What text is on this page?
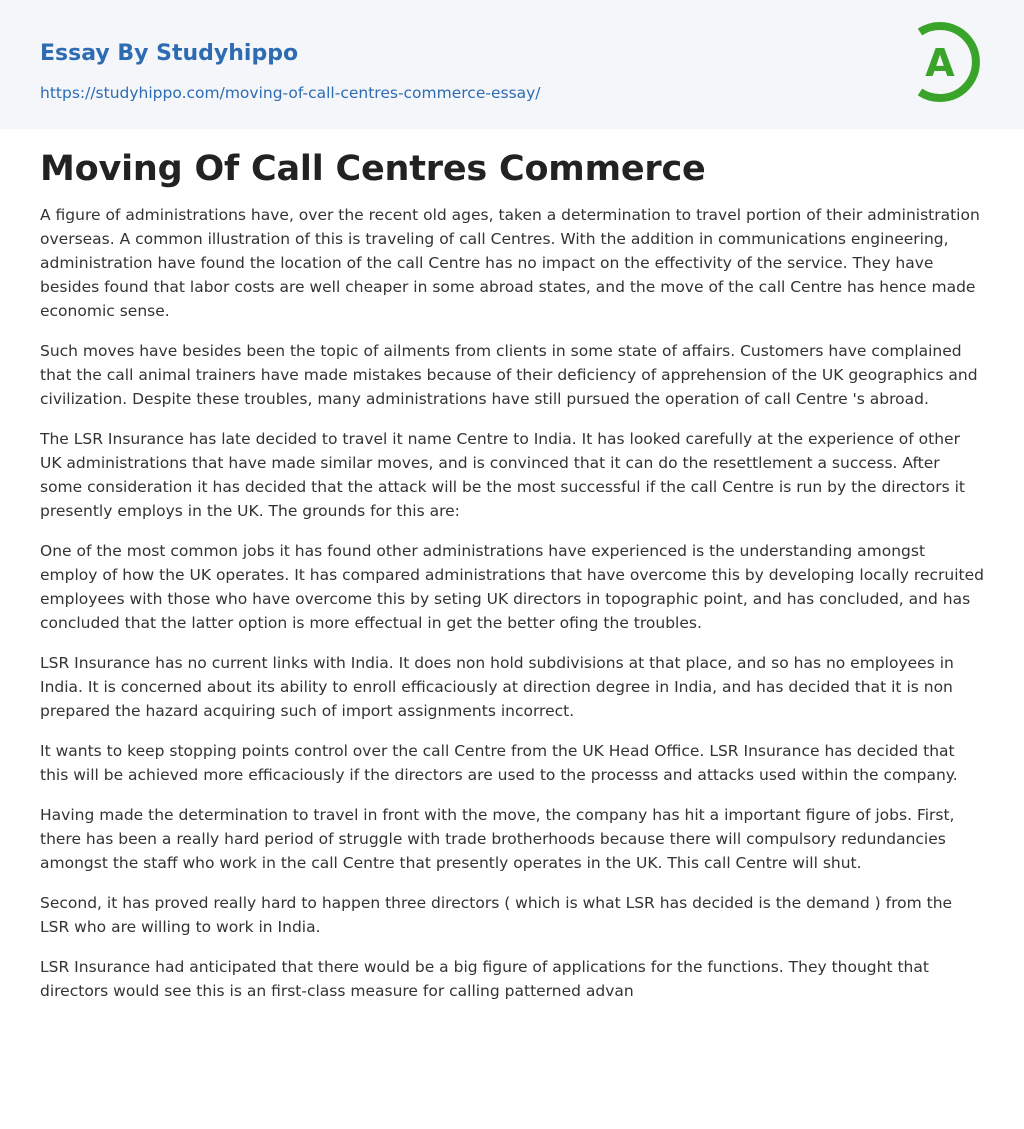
Essay By Studyhippo
https://studyhippo.com/moving-of-call-centres-commerce-essay/
A
Moving Of Call Centres Commerce

A figure of administrations have, over the recent old ages, taken a determination to travel portion of their administration overseas. A common illustration of this is traveling of call Centres. With the addition in communications engineering, administration have found the location of the call Centre has no impact on the effectivity of the service. They have besides found that labor costs are well cheaper in some abroad states, and the move of the call Centre has hence made economic sense.

Such moves have besides been the topic of ailments from clients in some state of affairs. Customers have complained that the call animal trainers have made mistakes because of their deficiency of apprehension of the UK geographics and civilization. Despite these troubles, many administrations have still pursued the operation of call Centre 's abroad.

The LSR Insurance has late decided to travel it name Centre to India. It has looked carefully at the experience of other UK administrations that have made similar moves, and is convinced that it can do the resettlement a success. After some consideration it has decided that the attack will be the most successful if the call Centre is run by the directors it presently employs in the UK. The grounds for this are:

One of the most common jobs it has found other administrations have experienced is the understanding amongst employ of how the UK operates. It has compared administrations that have overcome this by developing locally recruited employees with those who have overcome this by seting UK directors in topographic point, and has concluded, and has concluded that the latter option is more effectual in get the better ofing the troubles.

LSR Insurance has no current links with India. It does non hold subdivisions at that place, and so has no employees in India. It is concerned about its ability to enroll efficaciously at direction degree in India, and has decided that it is non prepared the hazard acquiring such of import assignments incorrect.

It wants to keep stopping points control over the call Centre from the UK Head Office. LSR Insurance has decided that this will be achieved more efficaciously if the directors are used to the processs and attacks used within the company.

Having made the determination to travel in front with the move, the company has hit a important figure of jobs. First, there has been a really hard period of struggle with trade brotherhoods because there will compulsory redundancies amongst the staff who work in the call Centre that presently operates in the UK. This call Centre will shut.

Second, it has proved really hard to happen three directors ( which is what LSR has decided is the demand ) from the LSR who are willing to work in India.

LSR Insurance had anticipated that there would be a big figure of applications for the functions. They thought that directors would see this is an first-class measure for calling patterned advan
